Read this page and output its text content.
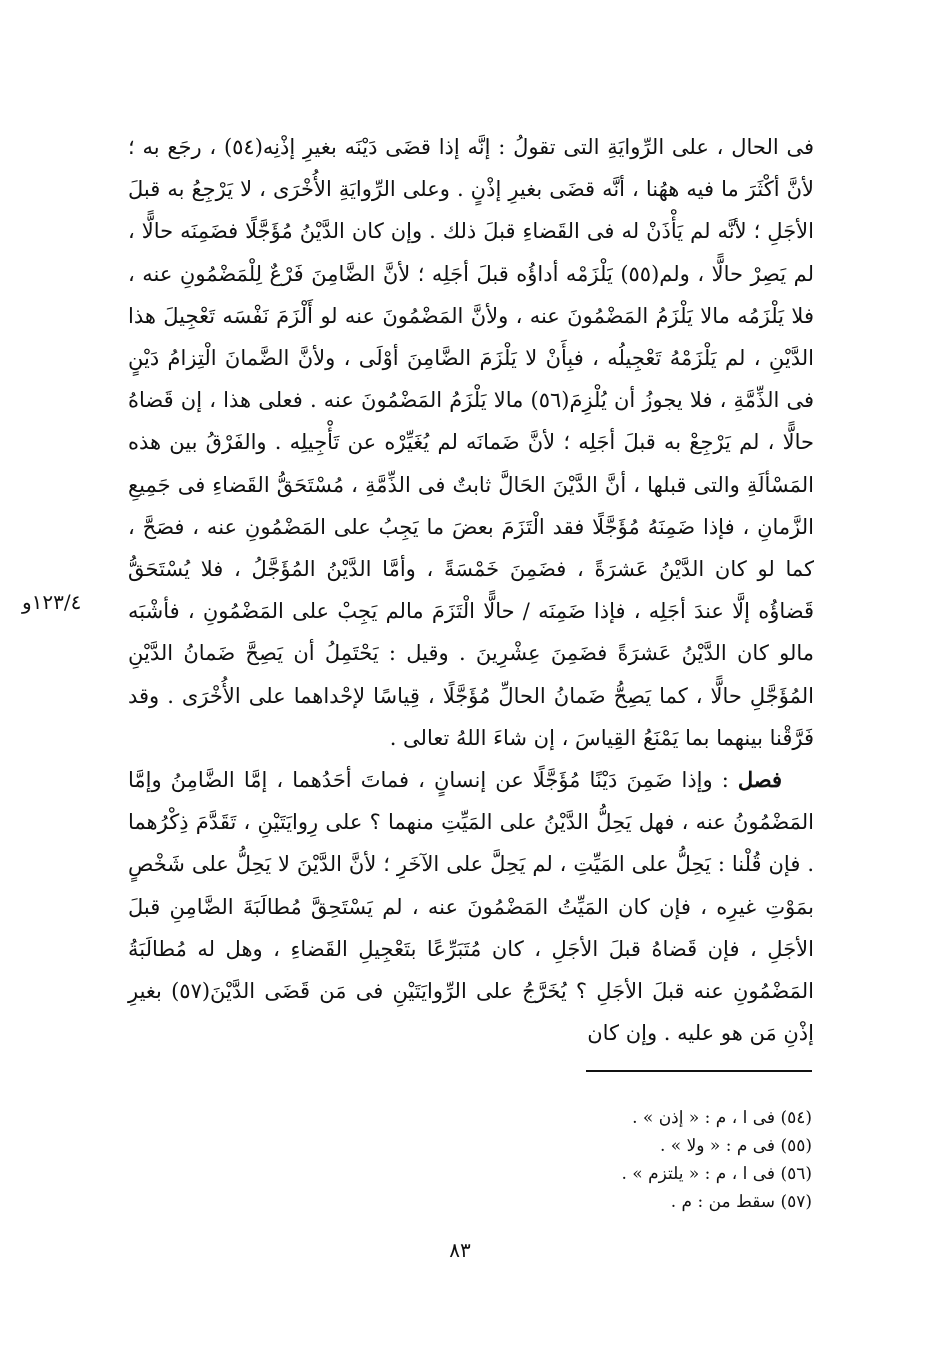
١٢٣/٤و

فى الحال ، على الرِّوايَةِ التى تقولُ : إنَّه إذا قضَى دَيْنَه بغيرِ إذْنِه(٥٤) ، رجَع به ؛ لأنَّ أكْثَرَ ما فيه ههُنا ، أنَّه قضَى بغيرِ إذْنٍ . وعلى الرِّوايَةِ الأُخْرَى ، لا يَرْجِعُ به قبلَ الأجَلِ ؛ لأنَّه لم يَأْذَنْ له فى القَضاءِ قبلَ ذلك . وإن كان الدَّيْنُ مُؤَجَّلًا فضَمِنَه حالًّا ، لم يَصِرْ حالًّا ، ولم(٥٥) يَلْزَمْه أداؤُه قبلَ أجَلِه ؛ لأنَّ الضَّامِنَ فَرْعٌ لِلْمَضْمُونِ عنه ، فلا يَلْزَمُه مالا يَلْزَمُ المَضْمُونَ عنه ، ولأنَّ المَضْمُونَ عنه لو أَلْزَمَ نَفْسَه تَعْجِيلَ هذا الدَّيْنِ ، لم يَلْزَمْهُ تَعْجِيلُه ، فبِأَنْ لا يَلْزَمَ الضَّامِنَ أوْلَى ، ولأنَّ الضَّمانَ الْتِزامُ دَيْنٍ فى الذِّمَّةِ ، فلا يجوزُ أن يُلْزِمَ(٥٦) مالا يَلْزَمُ المَضْمُونَ عنه . فعلى هذا ، إن قَضاهُ حالًّا ، لم يَرْجِعْ به قبلَ أجَلِه ؛ لأنَّ ضَمانَه لم يُغَيِّرْه عن تَأْجِيلِه . والفَرْقُ بين هذه المَسْألَةِ والتى قبلها ، أنَّ الدَّيْنَ الحَالَّ ثابتٌ فى الذِّمَّةِ ، مُسْتَحَقُّ القَضاءِ فى جَمِيعِ الزَّمانِ ، فإذا ضَمِنَهُ مُؤَجَّلًا فقد الْتَزَمَ بعضَ ما يَجِبُ على المَضْمُونِ عنه ، فصَحَّ ، كما لو كان الدَّيْنُ عَشرَةً ، فضَمِنَ خَمْسَةً ، وأمَّا الدَّيْنُ المُؤَجَّلُ ، فلا يُسْتَحَقُّ قَضاؤُه إلَّا عندَ أجَلِه ، فإذا ضَمِنَه / حالًّا الْتَزَمَ مالم يَجِبْ على المَضْمُونِ ، فأشْبَه مالو كان الدَّيْنُ عَشرَةً فضَمِنَ عِشْرِينَ . وقيل : يَحْتَمِلُ أن يَصِحَّ ضَمانُ الدَّيْنِ المُؤَجَّلِ حالًّا ، كما يَصِحُّ ضَمانُ الحالِّ مُؤَجَّلًا ، قِياسًا لإحْداهما على الأُخْرَى . وقد فَرَّقْنا بينهما بما يَمْنَعُ القِياسَ ، إن شاءَ اللهُ تعالى .

فصل : وإذا ضَمِنَ دَيْنًا مُؤَجَّلًا عن إنسانٍ ، فماتَ أحَدُهما ، إمَّا الضَّامِنُ وإمَّا المَضْمُونُ عنه ، فهل يَحِلُّ الدَّيْنُ على المَيِّتِ منهما ؟ على رِوايَتَيْنِ ، تَقَدَّمَ ذِكْرُهما . فإن قُلْنا : يَحِلُّ على المَيِّتِ ، لم يَحِلَّ على الآخَرِ ؛ لأنَّ الدَّيْنَ لا يَحِلُّ على شَخْصٍ بمَوْتِ غيرِه ، فإن كان المَيِّتُ المَضْمُونَ عنه ، لم يَسْتَحِقَّ مُطالَبَةَ الضَّامِنِ قبلَ الأجَلِ ، فإن قَضاهُ قبلَ الأجَلِ ، كان مُتَبَرِّعًا بتَعْجِيلِ القَضاءِ ، وهل له مُطالَبَةُ المَضْمُونِ عنه قبلَ الأجَلِ ؟ يُخَرَّجُ على الرِّوايَتَيْنِ فى مَن قَضَى الدَّيْنَ(٥٧) بغيرِ إذْنِ مَن هو عليه . وإن كان

(٥٤) فى ا ، م : « إذن » .
(٥٥) فى م : « ولا » .
(٥٦) فى ا ، م : « يلتزم » .
(٥٧) سقط من : م .
٨٣
